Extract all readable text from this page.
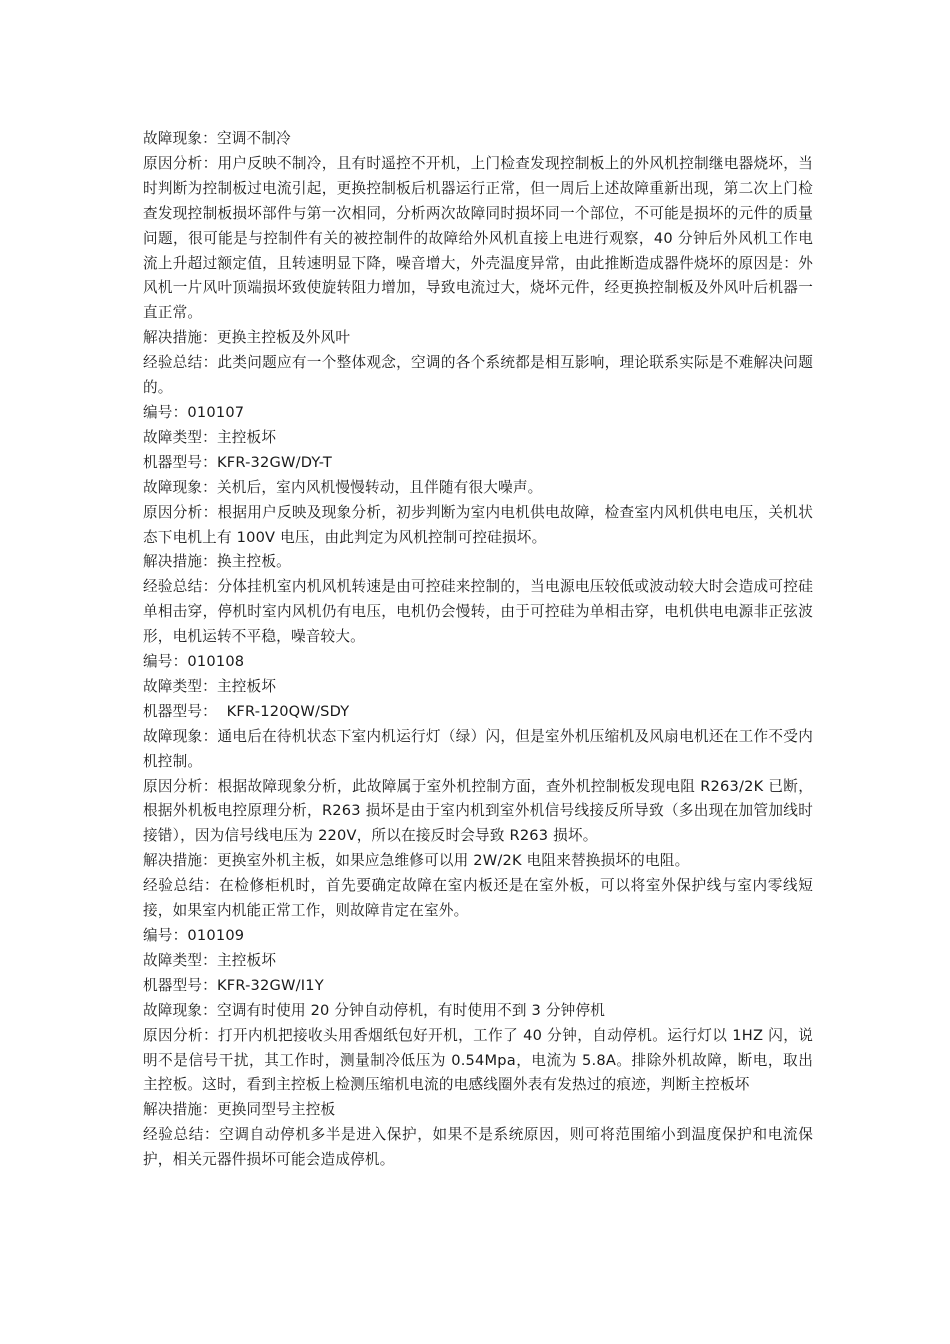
故障现象：空调不制冷

原因分析：用户反映不制冷，且有时遥控不开机，上门检查发现控制板上的外风机控制继电器烧坏，当时判断为控制板过电流引起，更换控制板后机器运行正常，但一周后上述故障重新出现，第二次上门检查发现控制板损坏部件与第一次相同，分析两次故障同时损坏同一个部位，不可能是损坏的元件的质量问题，很可能是与控制件有关的被控制件的故障给外风机直接上电进行观察，40 分钟后外风机工作电流上升超过额定值，且转速明显下降，噪音增大，外壳温度异常，由此推断造成器件烧坏的原因是：外风机一片风叶顶端损坏致使旋转阻力增加，导致电流过大，烧坏元件，经更换控制板及外风叶后机器一直正常。

解决措施：更换主控板及外风叶

经验总结：此类问题应有一个整体观念，空调的各个系统都是相互影响，理论联系实际是不难解决问题的。

编号：010107

故障类型：主控板坏

机器型号：KFR-32GW/DY-T

故障现象：关机后，室内风机慢慢转动，且伴随有很大噪声。

原因分析：根据用户反映及现象分析，初步判断为室内电机供电故障，检查室内风机供电电压，关机状态下电机上有 100V 电压，由此判定为风机控制可控硅损坏。

解决措施：换主控板。

经验总结：分体挂机室内机风机转速是由可控硅来控制的，当电源电压较低或波动较大时会造成可控硅单相击穿，停机时室内风机仍有电压，电机仍会慢转，由于可控硅为单相击穿，电机供电电源非正弦波形，电机运转不平稳，噪音较大。

编号：010108

故障类型：主控板坏

机器型号：  KFR-120QW/SDY

故障现象：通电后在待机状态下室内机运行灯（绿）闪，但是室外机压缩机及风扇电机还在工作不受内机控制。

原因分析：根据故障现象分析，此故障属于室外机控制方面，查外机控制板发现电阻 R263/2K 已断，根据外机板电控原理分析，R263 损坏是由于室内机到室外机信号线接反所导致（多出现在加管加线时接错），因为信号线电压为 220V，所以在接反时会导致 R263 损坏。

解决措施：更换室外机主板，如果应急维修可以用 2W/2K 电阻来替换损坏的电阻。

经验总结：在检修柜机时，首先要确定故障在室内板还是在室外板，可以将室外保护线与室内零线短接，如果室内机能正常工作，则故障肯定在室外。

编号：010109

故障类型：主控板坏

机器型号：KFR-32GW/I1Y

故障现象：空调有时使用 20 分钟自动停机，有时使用不到 3 分钟停机

原因分析：打开内机把接收头用香烟纸包好开机，工作了 40 分钟，自动停机。运行灯以 1HZ 闪，说明不是信号干扰，其工作时，测量制冷低压为 0.54Mpa，电流为 5.8A。排除外机故障，断电，取出主控板。这时，看到主控板上检测压缩机电流的电感线圈外表有发热过的痕迹，判断主控板坏

解决措施：更换同型号主控板

经验总结：空调自动停机多半是进入保护，如果不是系统原因，则可将范围缩小到温度保护和电流保护，相关元器件损坏可能会造成停机。
